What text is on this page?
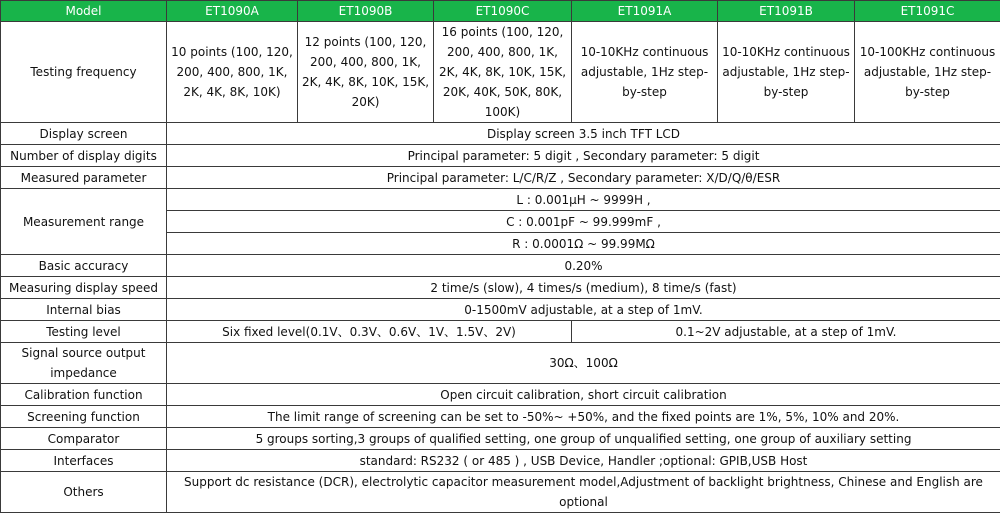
Model	ET1090A	ET1090B	ET1090C	ET1091A	ET1091B	ET1091C
Testing frequency	10 points (100, 120, 200, 400, 800, 1K, 2K, 4K, 8K, 10K)	12 points (100, 120, 200, 400, 800, 1K, 2K, 4K, 8K, 10K, 15K, 20K)	16 points (100, 120, 200, 400, 800, 1K, 2K, 4K, 8K, 10K, 15K, 20K, 40K, 50K, 80K, 100K)	10-10KHz continuous adjustable, 1Hz step-by-step	10-10KHz continuous adjustable, 1Hz step-by-step	10-100KHz continuous adjustable, 1Hz step-by-step
Display screen	Display screen 3.5 inch TFT LCD					
Number of display digits	Principal parameter: 5 digit , Secondary parameter: 5 digit					
Measured parameter	Principal parameter: L/C/R/Z , Secondary parameter: X/D/Q/θ/ESR					
Measurement range	L : 0.001μH ~ 9999H ,					
	C : 0.001pF ~ 99.999mF ,					
	R : 0.0001Ω ~ 99.99MΩ					
Basic accuracy	0.20%					
Measuring display speed	2 time/s (slow), 4 times/s (medium), 8 time/s (fast)					
Internal bias	0-1500mV adjustable, at a step of 1mV.					
Testing level	Six fixed level(0.1V、0.3V、0.6V、1V、1.5V、2V)			0.1~2V adjustable, at a step of 1mV.		
Signal source output impedance	30Ω、100Ω					
Calibration function	Open circuit calibration, short circuit calibration					
Screening function	The limit range of screening can be set to -50%~ +50%, and the fixed points are 1%, 5%, 10% and 20%.					
Comparator	5 groups sorting,3 groups of qualified setting, one group of unqualified setting, one group of auxiliary setting					
Interfaces	standard: RS232 ( or 485 ) , USB Device, Handler ;optional: GPIB,USB Host					
Others	Support dc resistance (DCR), electrolytic capacitor measurement model,Adjustment of backlight brightness, Chinese and English are optional					
